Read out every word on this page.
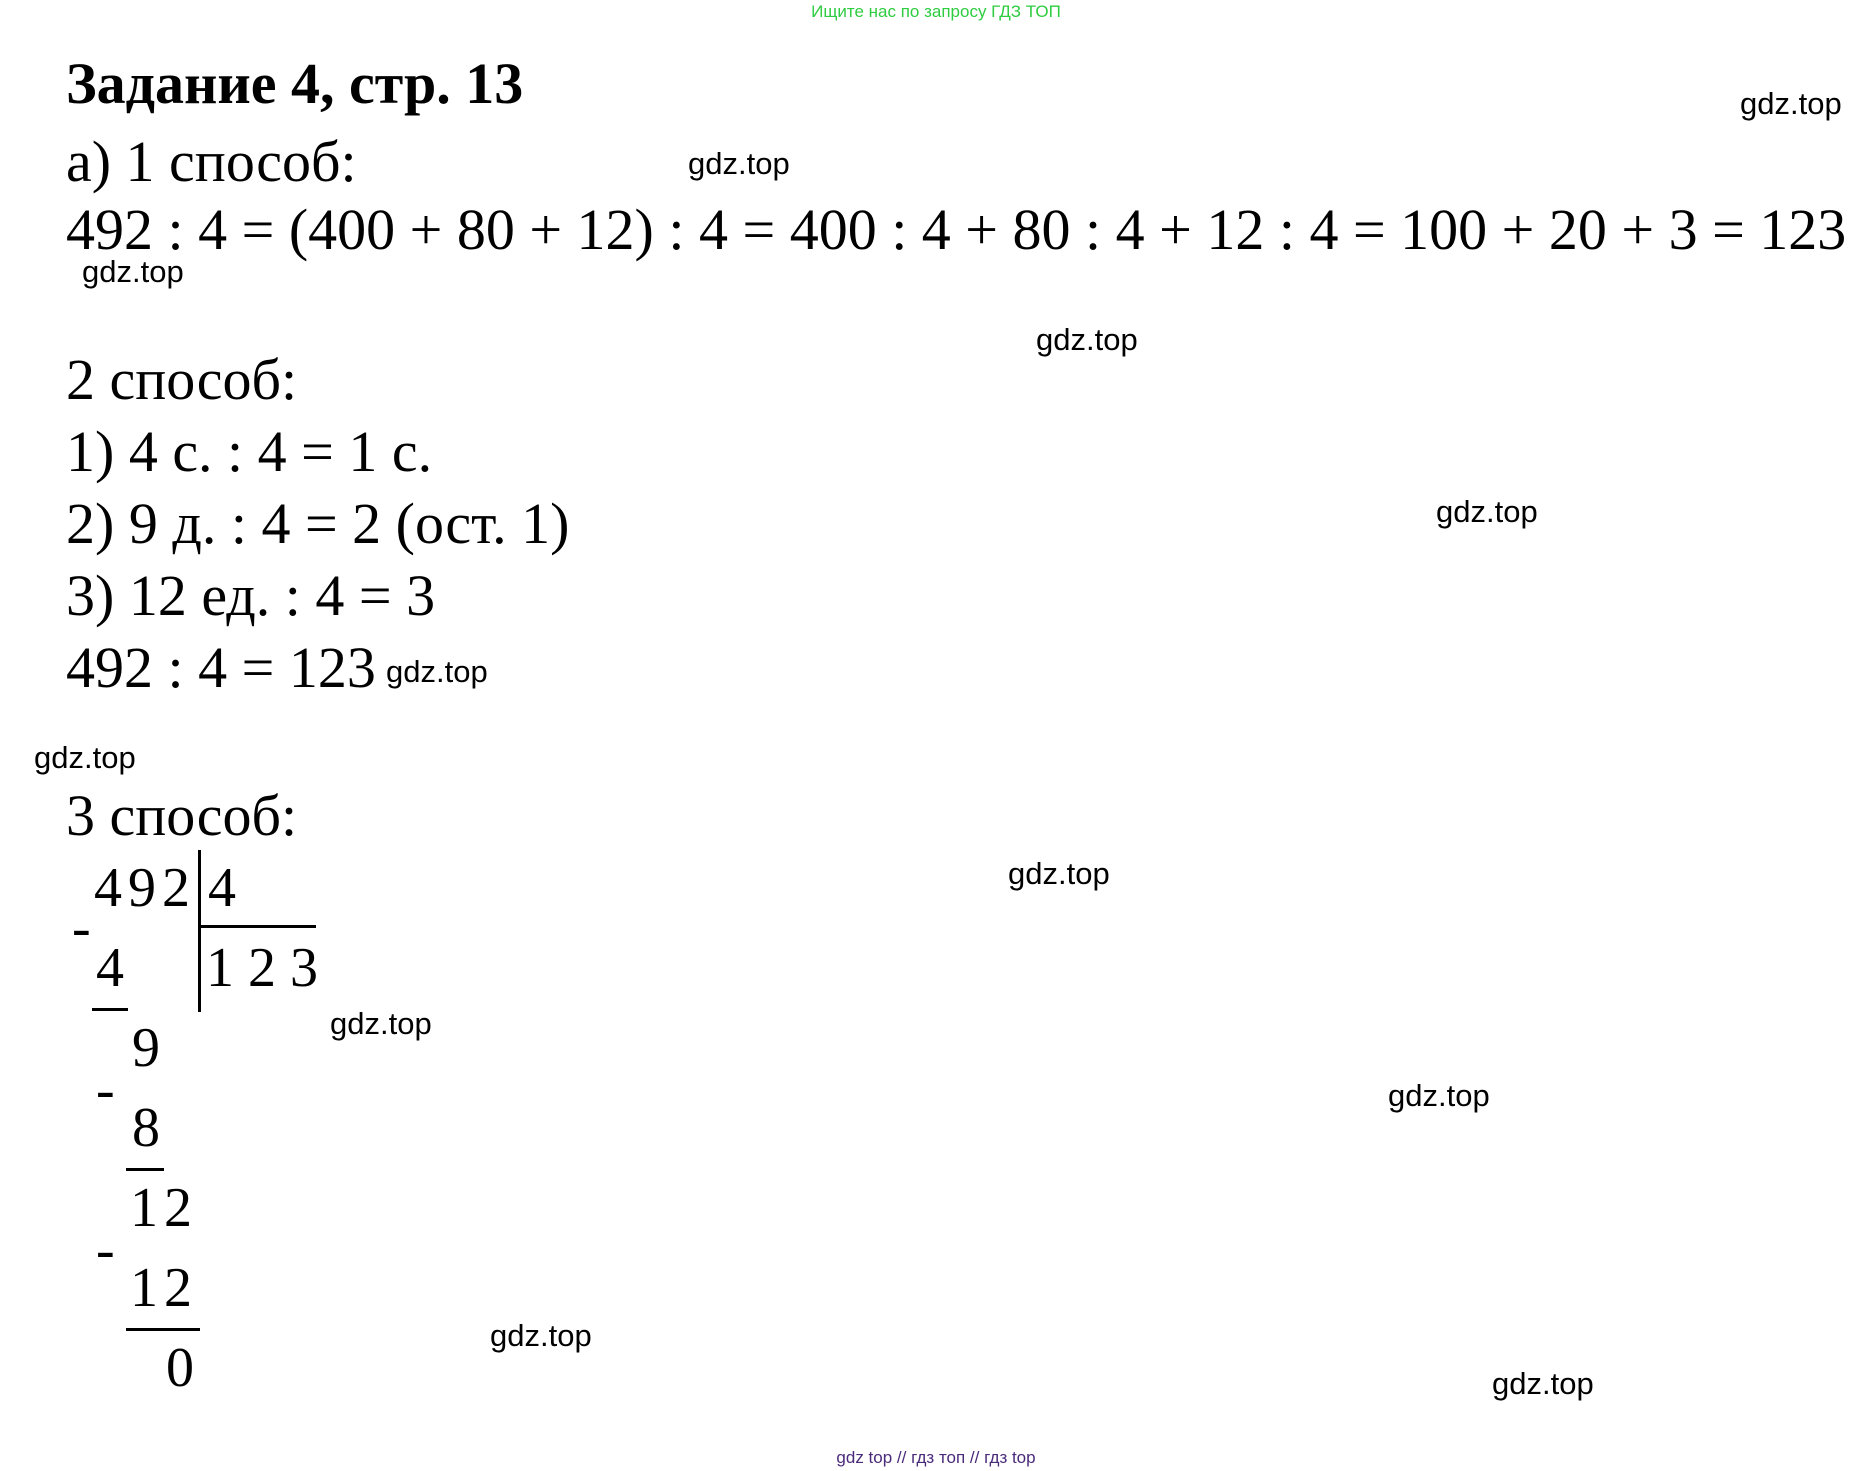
Ищите нас по запросу ГДЗ ТОП
Задание 4, стр. 13
а) 1 способ:
492 : 4 = (400 + 80 + 12) : 4 = 400 : 4 + 80 : 4 + 12 : 4 = 100 + 20 + 3 = 123
2 способ:
1) 4 с. : 4 = 1 с.
2) 9 д. : 4 = 2 (ост. 1)
3) 12 ед. : 4 = 3
492 : 4 = 123
3 способ:
492 4
1 2 3
-
4
9
-
8
12
-
12
0
gdz.top
gdz.top
gdz.top
gdz.top
gdz.top
gdz.top
gdz.top
gdz.top
gdz.top
gdz.top
gdz.top
gdz.top
gdz top // гдз топ // гдз top
